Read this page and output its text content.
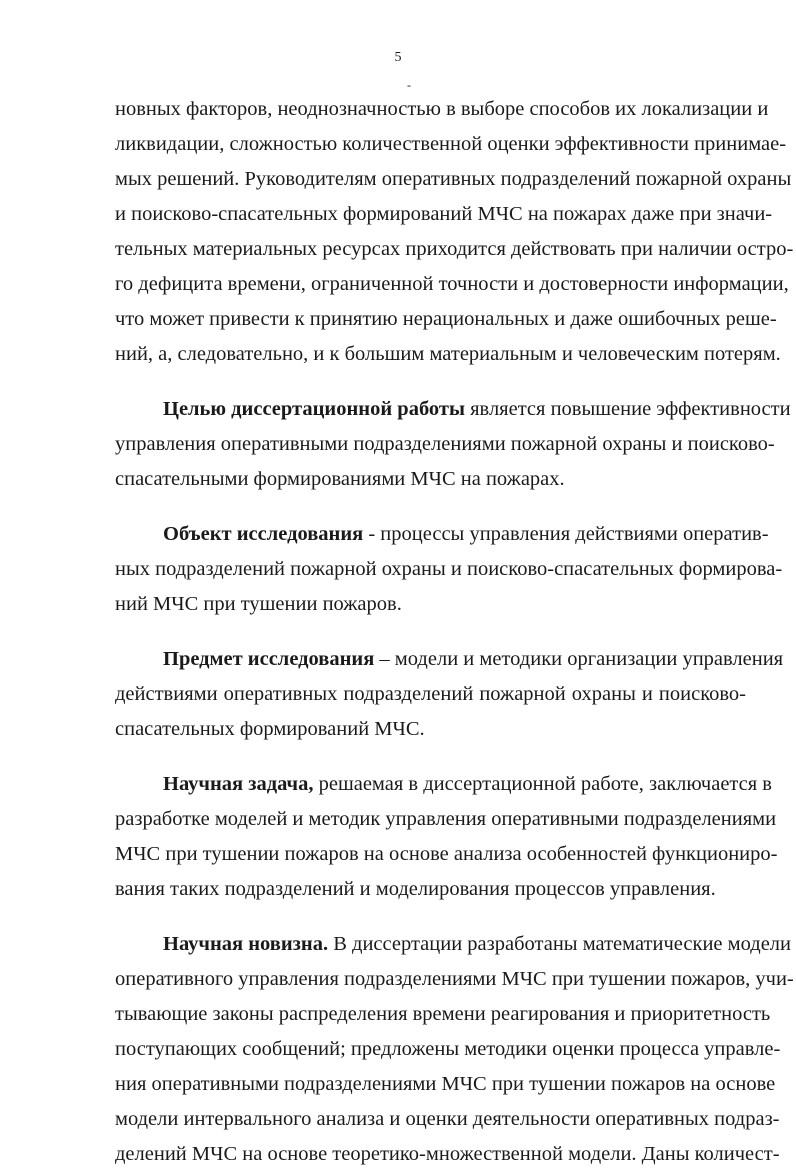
5
-
новных факторов, неоднозначностью в выборе способов их локализации и
ликвидации, сложностью количественной оценки эффективности принимае-
мых решений. Руководителям оперативных подразделений пожарной охраны
и поисково-спасательных формирований МЧС на пожарах даже при значи-
тельных материальных ресурсах приходится действовать при наличии остро-
го дефицита времени, ограниченной точности и достоверности информации,
что может привести к принятию нерациональных и даже ошибочных реше-
ний, а, следовательно, и к большим материальным и человеческим потерям.
Целью диссертационной работы является повышение эффективности
управления оперативными подразделениями пожарной охраны и поисково-
спасательными формированиями МЧС на пожарах.
Объект исследования - процессы управления действиями оператив-
ных подразделений пожарной охраны и поисково-спасательных формирова-
ний МЧС при тушении пожаров.
Предмет исследования – модели и методики организации управления
действиями оперативных подразделений пожарной охраны и поисково-
спасательных формирований МЧС.
Научная задача, решаемая в диссертационной работе, заключается в
разработке моделей и методик управления оперативными подразделениями
МЧС при тушении пожаров на основе анализа особенностей функциониро-
вания таких подразделений и моделирования процессов управления.
Научная новизна. В диссертации разработаны математические модели
оперативного управления подразделениями МЧС при тушении пожаров, учи-
тывающие законы распределения времени реагирования и приоритетность
поступающих сообщений; предложены методики оценки процесса управле-
ния оперативными подразделениями МЧС при тушении пожаров на основе
модели интервального анализа и оценки деятельности оперативных подраз-
делений МЧС на основе теоретико-множественной модели. Даны количест-
